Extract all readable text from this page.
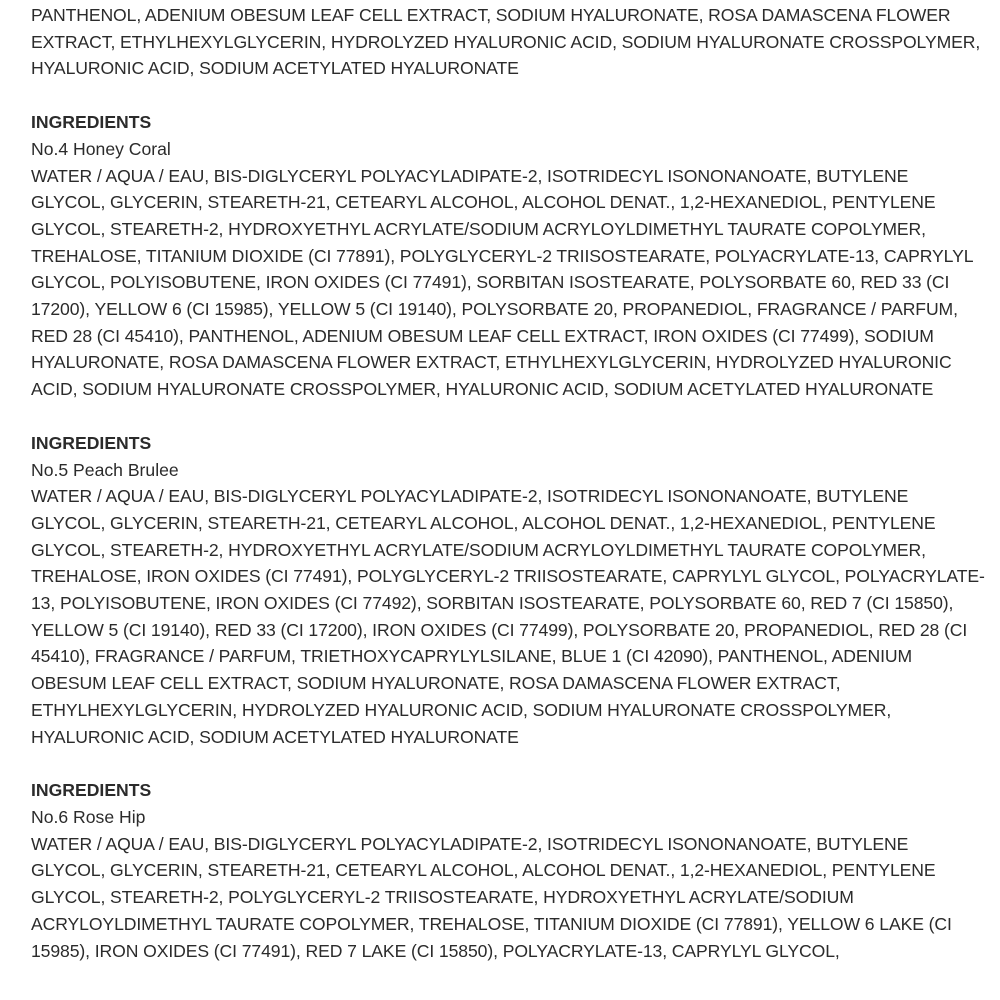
PANTHENOL, ADENIUM OBESUM LEAF CELL EXTRACT, SODIUM HYALURONATE, ROSA DAMASCENA FLOWER EXTRACT, ETHYLHEXYLGLYCERIN, HYDROLYZED HYALURONIC ACID, SODIUM HYALURONATE CROSSPOLYMER, HYALURONIC ACID, SODIUM ACETYLATED HYALURONATE

INGREDIENTS

No.4 Honey Coral

WATER / AQUA / EAU, BIS-DIGLYCERYL POLYACYLADIPATE-2, ISOTRIDECYL ISONONANOATE, BUTYLENE GLYCOL, GLYCERIN, STEARETH-21, CETEARYL ALCOHOL, ALCOHOL DENAT., 1,2-HEXANEDIOL, PENTYLENE GLYCOL, STEARETH-2, HYDROXYETHYL ACRYLATE/SODIUM ACRYLOYLDIMETHYL TAURATE COPOLYMER, TREHALOSE, TITANIUM DIOXIDE (CI 77891), POLYGLYCERYL-2 TRIISOSTEARATE, POLYACRYLATE-13, CAPRYLYL GLYCOL, POLYISOBUTENE, IRON OXIDES (CI 77491), SORBITAN ISOSTEARATE, POLYSORBATE 60, RED 33 (CI 17200), YELLOW 6 (CI 15985), YELLOW 5 (CI 19140), POLYSORBATE 20, PROPANEDIOL, FRAGRANCE / PARFUM, RED 28 (CI 45410), PANTHENOL, ADENIUM OBESUM LEAF CELL EXTRACT, IRON OXIDES (CI 77499), SODIUM HYALURONATE, ROSA DAMASCENA FLOWER EXTRACT, ETHYLHEXYLGLYCERIN, HYDROLYZED HYALURONIC ACID, SODIUM HYALURONATE CROSSPOLYMER, HYALURONIC ACID, SODIUM ACETYLATED HYALURONATE

INGREDIENTS

No.5 Peach Brulee

WATER / AQUA / EAU, BIS-DIGLYCERYL POLYACYLADIPATE-2, ISOTRIDECYL ISONONANOATE, BUTYLENE GLYCOL, GLYCERIN, STEARETH-21, CETEARYL ALCOHOL, ALCOHOL DENAT., 1,2-HEXANEDIOL, PENTYLENE GLYCOL, STEARETH-2, HYDROXYETHYL ACRYLATE/SODIUM ACRYLOYLDIMETHYL TAURATE COPOLYMER, TREHALOSE, IRON OXIDES (CI 77491), POLYGLYCERYL-2 TRIISOSTEARATE, CAPRYLYL GLYCOL, POLYACRYLATE-13, POLYISOBUTENE, IRON OXIDES (CI 77492), SORBITAN ISOSTEARATE, POLYSORBATE 60, RED 7 (CI 15850), YELLOW 5 (CI 19140), RED 33 (CI 17200), IRON OXIDES (CI 77499), POLYSORBATE 20, PROPANEDIOL, RED 28 (CI 45410), FRAGRANCE / PARFUM, TRIETHOXYCAPRYLYLSILANE, BLUE 1 (CI 42090), PANTHENOL, ADENIUM OBESUM LEAF CELL EXTRACT, SODIUM HYALURONATE, ROSA DAMASCENA FLOWER EXTRACT, ETHYLHEXYLGLYCERIN, HYDROLYZED HYALURONIC ACID, SODIUM HYALURONATE CROSSPOLYMER, HYALURONIC ACID, SODIUM ACETYLATED HYALURONATE

INGREDIENTS

No.6 Rose Hip

WATER / AQUA / EAU, BIS-DIGLYCERYL POLYACYLADIPATE-2, ISOTRIDECYL ISONONANOATE, BUTYLENE GLYCOL, GLYCERIN, STEARETH-21, CETEARYL ALCOHOL, ALCOHOL DENAT., 1,2-HEXANEDIOL, PENTYLENE GLYCOL, STEARETH-2, POLYGLYCERYL-2 TRIISOSTEARATE, HYDROXYETHYL ACRYLATE/SODIUM ACRYLOYLDIMETHYL TAURATE COPOLYMER, TREHALOSE, TITANIUM DIOXIDE (CI 77891), YELLOW 6 LAKE (CI 15985), IRON OXIDES (CI 77491), RED 7 LAKE (CI 15850), POLYACRYLATE-13, CAPRYLYL GLYCOL,
